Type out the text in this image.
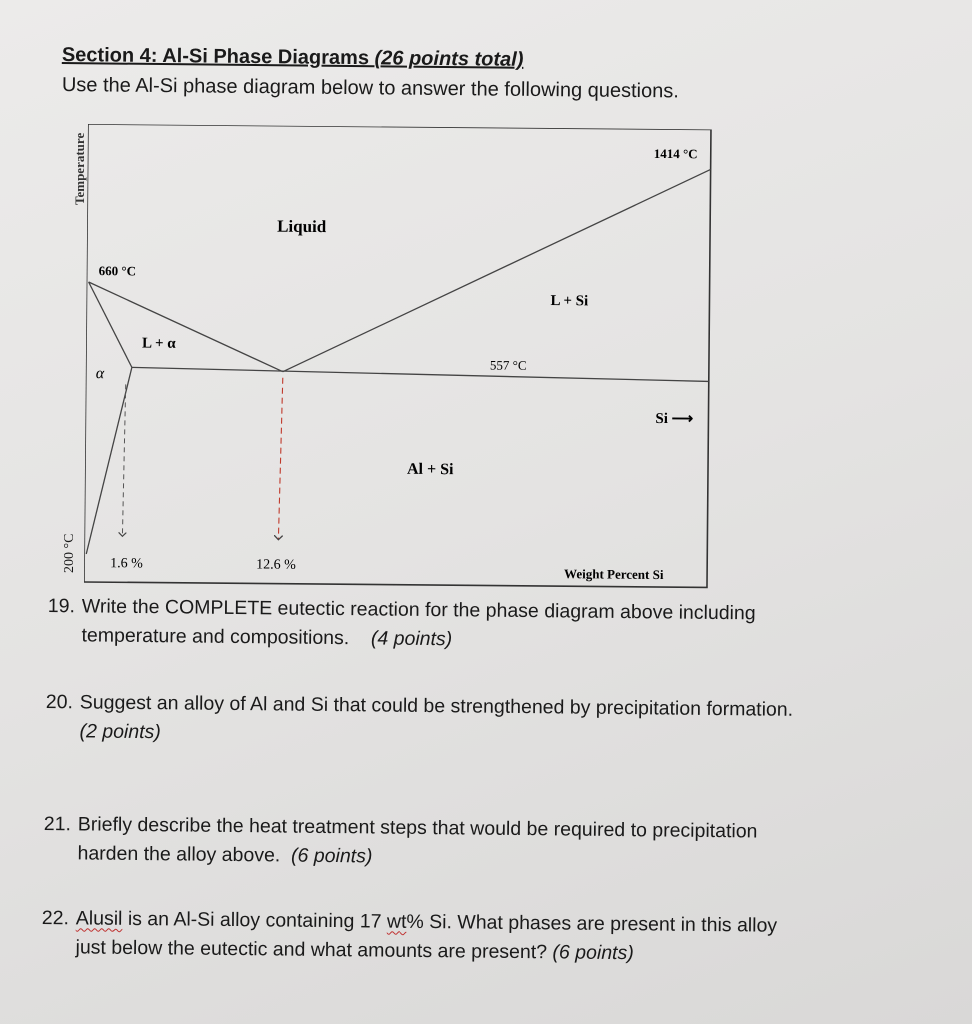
Section 4: Al-Si Phase Diagrams (26 points total)
Use the Al-Si phase diagram below to answer the following questions.
Temperature
200 °C
Liquid
660 °C
1414 °C
L + Si
L + α
α	557 °C
Si ⟶
Al + Si
1.6 %	12.6 %
Weight Percent Si
19. Write the COMPLETE eutectic reaction for the phase diagram above including
temperature and compositions. (4 points)
20. Suggest an alloy of Al and Si that could be strengthened by precipitation formation.
(2 points)
21. Briefly describe the heat treatment steps that would be required to precipitation
harden the alloy above. (6 points)
22. Alusil is an Al-Si alloy containing 17 wt% Si. What phases are present in this alloy
just below the eutectic and what amounts are present? (6 points)
